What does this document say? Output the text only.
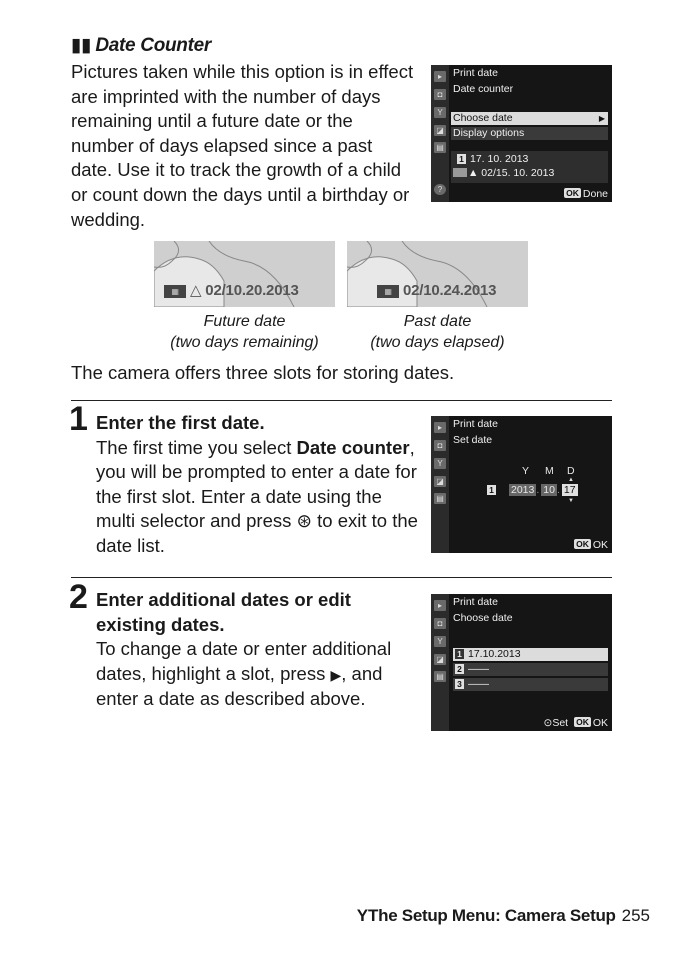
▮▮ Date Counter
Pictures taken while this option is in effect are imprinted with the number of days remaining until a future date or the number of days elapsed since a past date. Use it to track the growth of a child or count down the days until a birthday or wedding.
▸
◘
Y
◪
▤
?
Print date
Date counter
Choose date	▶
Display options
1 17. 10. 2013
▲ 02/15. 10. 2013
OK Done
▦ △ 02/10.20.2013
Future date
(two days remaining)
▦ 02/10.24.2013
Past date
(two days elapsed)
The camera offers three slots for storing dates.
1 Enter the first date.
The first time you select Date counter, you will be prompted to enter a date for the first slot. Enter a date using the multi selector and press ⊛ to exit to the date list.
▸
◘
Y
◪
▤
Print date
Set date
Y M D
1 2013 . 10 . 17
▲
▼
OK OK
2 Enter additional dates or edit
existing dates.
To change a date or enter additional dates, highlight a slot, press ▶, and enter a date as described above.
▸
◘
Y
◪
▤
Print date
Choose date
1 17.10.2013
2 ——
3 ——
⊙Set OK OK
YThe Setup Menu: Camera Setup 255
